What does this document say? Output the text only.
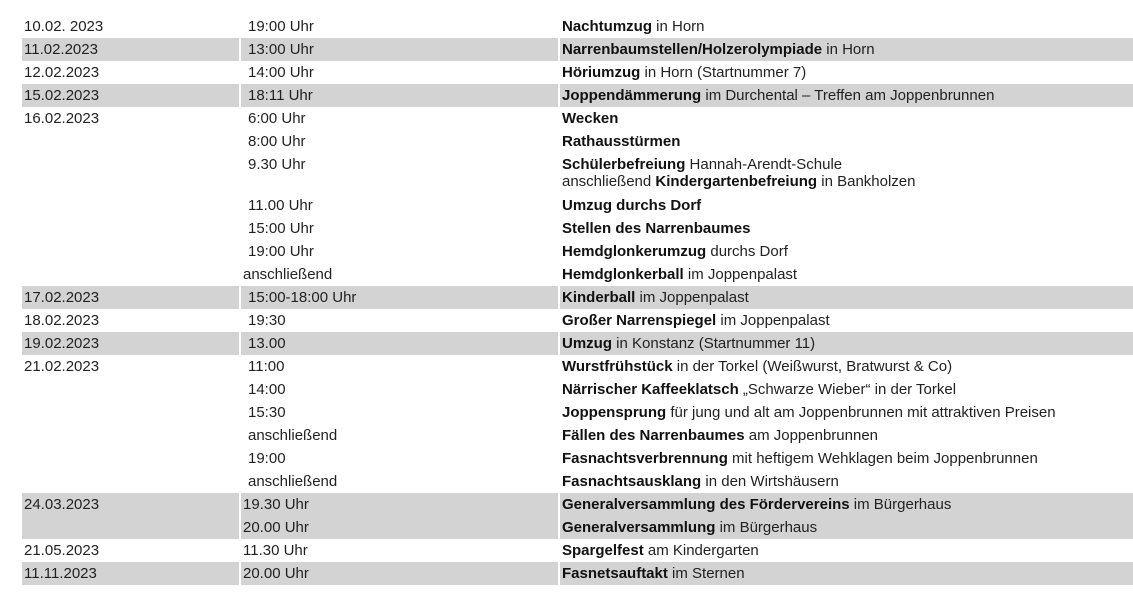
10.02. 2023	19:00 Uhr	Nachtumzug in Horn
11.02.2023	13:00 Uhr	Narrenbaumstellen/Holzerolympiade in Horn
12.02.2023	14:00 Uhr	Höriumzug in Horn (Startnummer 7)
15.02.2023	18:11 Uhr	Joppendämmerung im Durchental – Treffen am Joppenbrunnen
16.02.2023	6:00 Uhr	Wecken
8:00 Uhr	Rathausstürmen
9.30 Uhr	Schülerbefreiung Hannah-Arendt-Schule
anschließend Kindergartenbefreiung in Bankholzen
11.00 Uhr	Umzug durchs Dorf
15:00 Uhr	Stellen des Narrenbaumes
19:00 Uhr	Hemdglonkerumzug durchs Dorf
anschließend	Hemdglonkerball im Joppenpalast
17.02.2023	15:00-18:00 Uhr	Kinderball im Joppenpalast
18.02.2023	19:30	Großer Narrenspiegel im Joppenpalast
19.02.2023	13.00	Umzug in Konstanz (Startnummer 11)
21.02.2023	11:00	Wurstfrühstück in der Torkel (Weißwurst, Bratwurst & Co)
14:00	Närrischer Kaffeeklatsch „Schwarze Wieber“ in der Torkel
15:30	Joppensprung für jung und alt am Joppenbrunnen mit attraktiven Preisen
anschließend	Fällen des Narrenbaumes am Joppenbrunnen
19:00	Fasnachtsverbrennung mit heftigem Wehklagen beim Joppenbrunnen
anschließend	Fasnachtsausklang in den Wirtshäusern
24.03.2023	19.30 Uhr	Generalversammlung des Fördervereins im Bürgerhaus
20.00 Uhr	Generalversammlung im Bürgerhaus
21.05.2023	11.30 Uhr	Spargelfest am Kindergarten
11.11.2023	20.00 Uhr	Fasnetsauftakt im Sternen
